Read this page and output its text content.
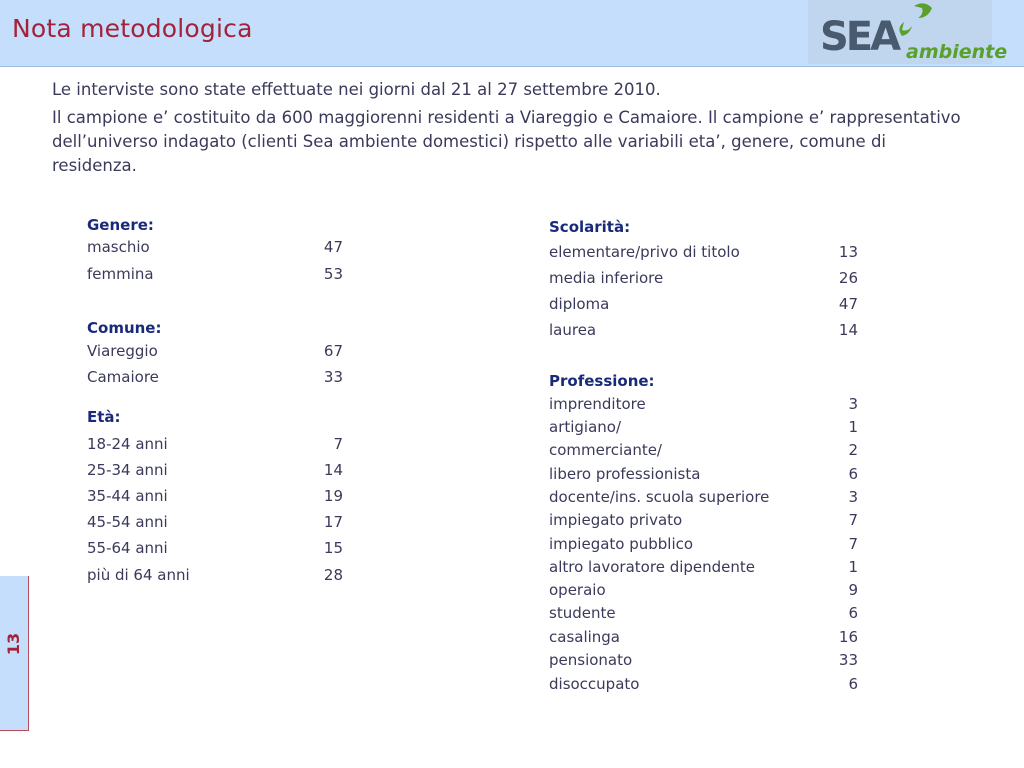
Nota metodologica	SEA ambiente

Le interviste sono state effettuate nei giorni dal 21 al 27 settembre 2010.

Il campione e’ costituito da 600 maggiorenni residenti a Viareggio e Camaiore. Il campione e’ rappresentativo dell’universo indagato (clienti Sea ambiente domestici) rispetto alle variabili eta’, genere, comune di residenza.

Genere:
maschio	47
femmina	53
Comune:
Viareggio	67
Camaiore	33
Età:
18-24 anni	7
25-34 anni	14
35-44 anni	19
45-54 anni	17
55-64 anni	15
più di 64 anni	28
Scolarità:
elementare/privo di titolo	13
media inferiore	26
diploma	47
laurea	14
Professione:
imprenditore	3
artigiano/	1
commerciante/	2
libero professionista	6
docente/ins. scuola superiore	3
impiegato privato	7
impiegato pubblico	7
altro lavoratore dipendente	1
operaio	9
studente	6
casalinga	16
pensionato	33
disoccupato	6
13
